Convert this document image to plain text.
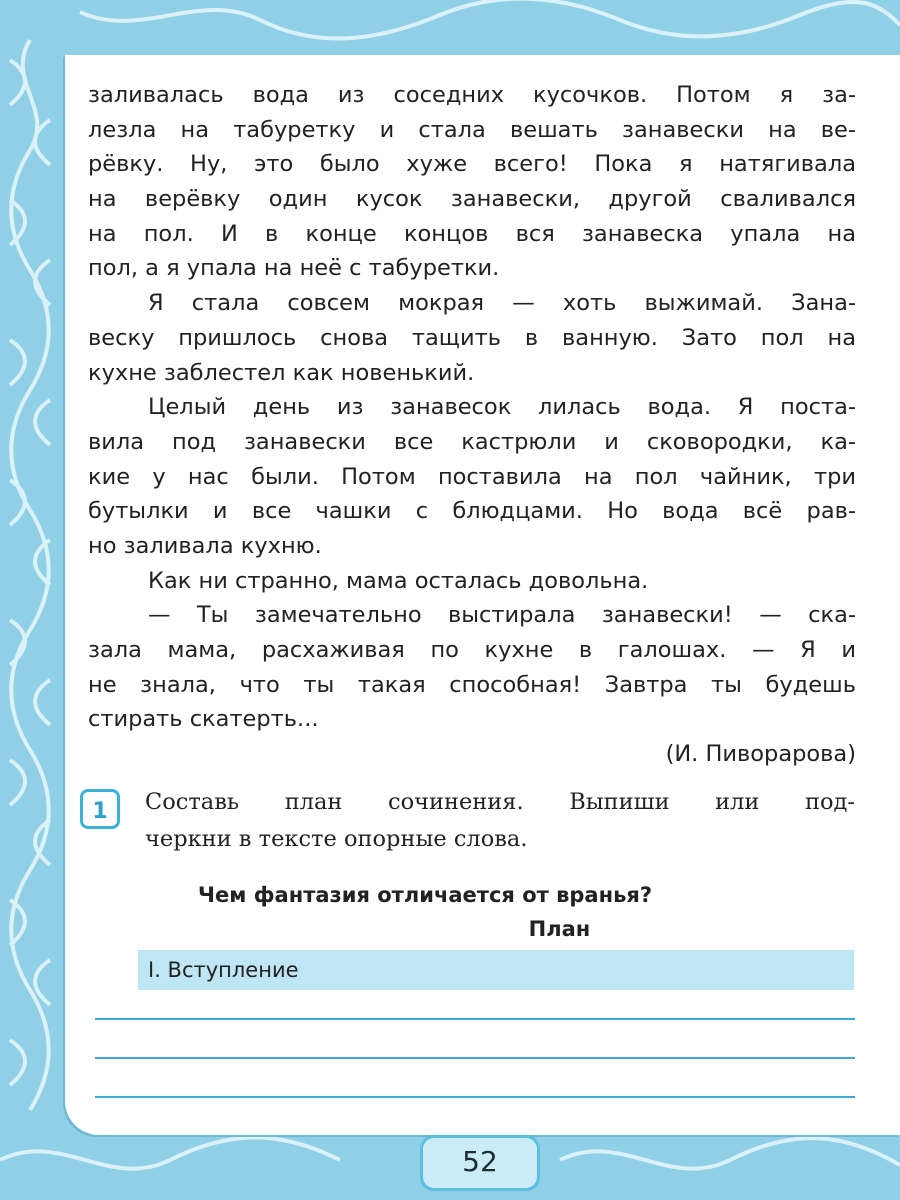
заливалась вода из соседних кусочков. Потом я за-
лезла на табуретку и стала вешать занавески на ве-
рёвку. Ну, это было хуже всего! Пока я натягивала
на верёвку один кусок занавески, другой сваливался
на пол. И в конце концов вся занавеска упала на
пол, а я упала на неё с табуретки.
Я стала совсем мокрая — хоть выжимай. Зана-
веску пришлось снова тащить в ванную. Зато пол на
кухне заблестел как новенький.
Целый день из занавесок лилась вода. Я поста-
вила под занавески все кастрюли и сковородки, ка-
кие у нас были. Потом поставила на пол чайник, три
бутылки и все чашки с блюдцами. Но вода всё рав-
но заливала кухню.
Как ни странно, мама осталась довольна.
— Ты замечательно выстирала занавески! — ска-
зала мама, расхаживая по кухне в галошах. — Я и
не знала, что ты такая способная! Завтра ты будешь
стирать скатерть...
(И. Пиворарова)
1	Составь план сочинения. Выпиши или под-
черкни в тексте опорные слова.
Чем фантазия отличается от вранья?
План
I. Вступление
52
